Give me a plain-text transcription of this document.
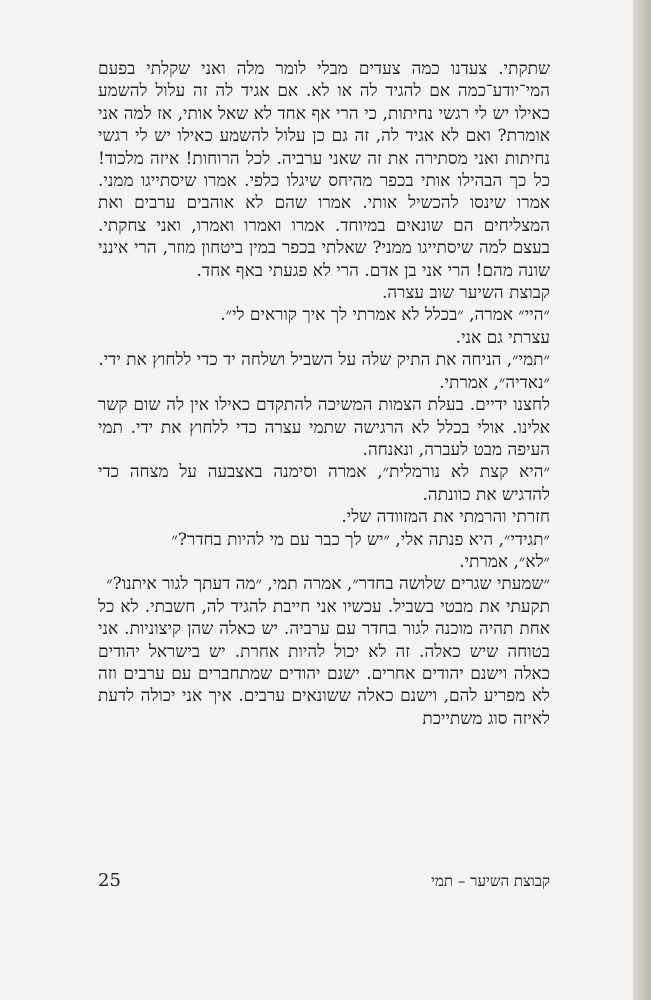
שתקתי. צעדנו כמה צעדים מבלי לומר מלה ואני שקלתי בפעם המי־יודע־כמה אם להגיד לה או לא. אם אגיד לה זה עלול להשמע כאילו יש לי רגשי נחיתות, כי הרי אף אחד לא שאל אותי, אז למה אני אומרת? ואם לא אגיד לה, זה גם כן עלול להשמע כאילו יש לי רגשי נחיתות ואני מסתירה את זה שאני ערביה. לכל הרוחות! איזה מלכוד! כל כך הבהילו אותי בכפר מהיחס שיגלו כלפי. אמרו שיסתייגו ממני. אמרו שינסו להכשיל אותי. אמרו שהם לא אוהבים ערבים ואת המצליחים הם שונאים במיוחד. אמרו ואמרו ואמרו, ואני צחקתי. בעצם למה שיסתייגו ממני? שאלתי בכפר במין ביטחון מוזר, הרי אינני שונה מהם! הרי אני בן אדם. הרי לא פגעתי באף אחד.

קבוצת השיער שוב עצרה.

״היי״ אמרה, ״בכלל לא אמרתי לך איך קוראים לי״.

עצרתי גם אני.

״תמי״, הניחה את התיק שלה על השביל ושלחה יד כדי ללחוץ את ידי.

״נאדיה״, אמרתי.

לחצנו ידיים. בעלת הצמות המשיכה להתקדם כאילו אין לה שום קשר אלינו. אולי בכלל לא הרגישה שתמי עצרה כדי ללחוץ את ידי. תמי העיפה מבט לעברה, ונאנחה.

״היא קצת לא נורמלית״, אמרה וסימנה באצבעה על מצחה כדי להדגיש את כוונתה.

חזרתי והרמתי את המזוודה שלי.

״תגידי״, היא פנתה אלי, ״יש לך כבר עם מי להיות בחדר?״

״לא״, אמרתי.

״שמעתי שגרים שלושה בחדר״, אמרה תמי, ״מה דעתך לגור איתנו?״

תקעתי את מבטי בשביל. עכשיו אני חייבת להגיד לה, חשבתי. לא כל אחת תהיה מוכנה לגור בחדר עם ערביה. יש כאלה שהן קיצוניות. אני בטוחה שיש כאלה. זה לא יכול להיות אחרת. יש בישראל יהודים כאלה וישנם יהודים אחרים. ישנם יהודים שמתחברים עם ערבים וזה לא מפריע להם, וישנם כאלה ששונאים ערבים. איך אני יכולה לדעת לאיזה סוג משתייכת

קבוצת השיער – תמי
25
